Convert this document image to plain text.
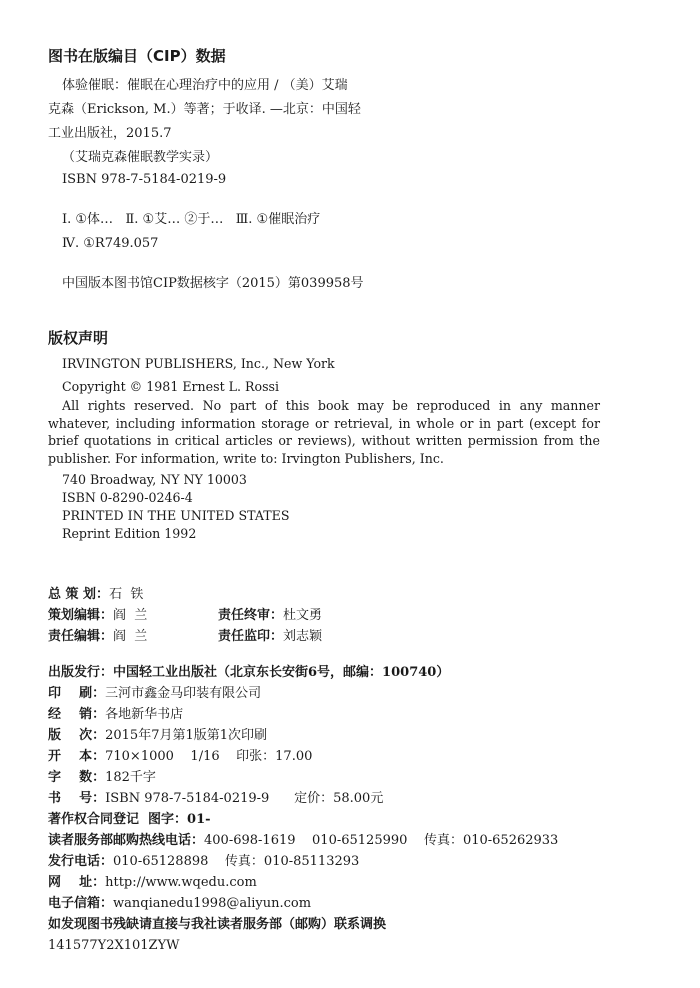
图书在版编目（CIP）数据
体验催眠：催眠在心理治疗中的应用 / （美）艾瑞
克森（Erickson, M.）等著；于收译. —北京：中国轻
工业出版社，2015.7
（艾瑞克森催眠教学实录）
ISBN 978-7-5184-0219-9
Ⅰ. ①体…   Ⅱ. ①艾… ②于…   Ⅲ. ①催眠治疗
Ⅳ. ①R749.057
中国版本图书馆CIP数据核字（2015）第039958号
版权声明
IRVINGTON PUBLISHERS, Inc., New York
Copyright © 1981 Ernest L. Rossi
All rights reserved. No part of this book may be reproduced in any manner whatever, including information storage or retrieval, in whole or in part (except for brief quotations in critical articles or reviews), without written permission from the publisher. For information, write to: Irvington Publishers, Inc.
740 Broadway, NY NY 10003
ISBN 0-8290-0246-4
PRINTED IN THE UNITED STATES
Reprint Edition 1992
总 策 划：石  铁
策划编辑：阎  兰	责任终审：杜文勇
责任编辑：阎  兰	责任监印：刘志颖
出版发行：中国轻工业出版社（北京东长安街6号，邮编：100740）
印    刷：三河市鑫金马印装有限公司
经    销：各地新华书店
版    次：2015年7月第1版第1次印刷
开    本：710×1000    1/16    印张：17.00
字    数：182千字
书    号：ISBN 978-7-5184-0219-9      定价：58.00元
著作权合同登记  图字：01-
读者服务部邮购热线电话：400-698-1619    010-65125990    传真：010-65262933
发行电话：010-65128898    传真：010-85113293
网    址：http://www.wqedu.com
电子信箱：wanqianedu1998@aliyun.com
如发现图书残缺请直接与我社读者服务部（邮购）联系调换
141577Y2X101ZYW
